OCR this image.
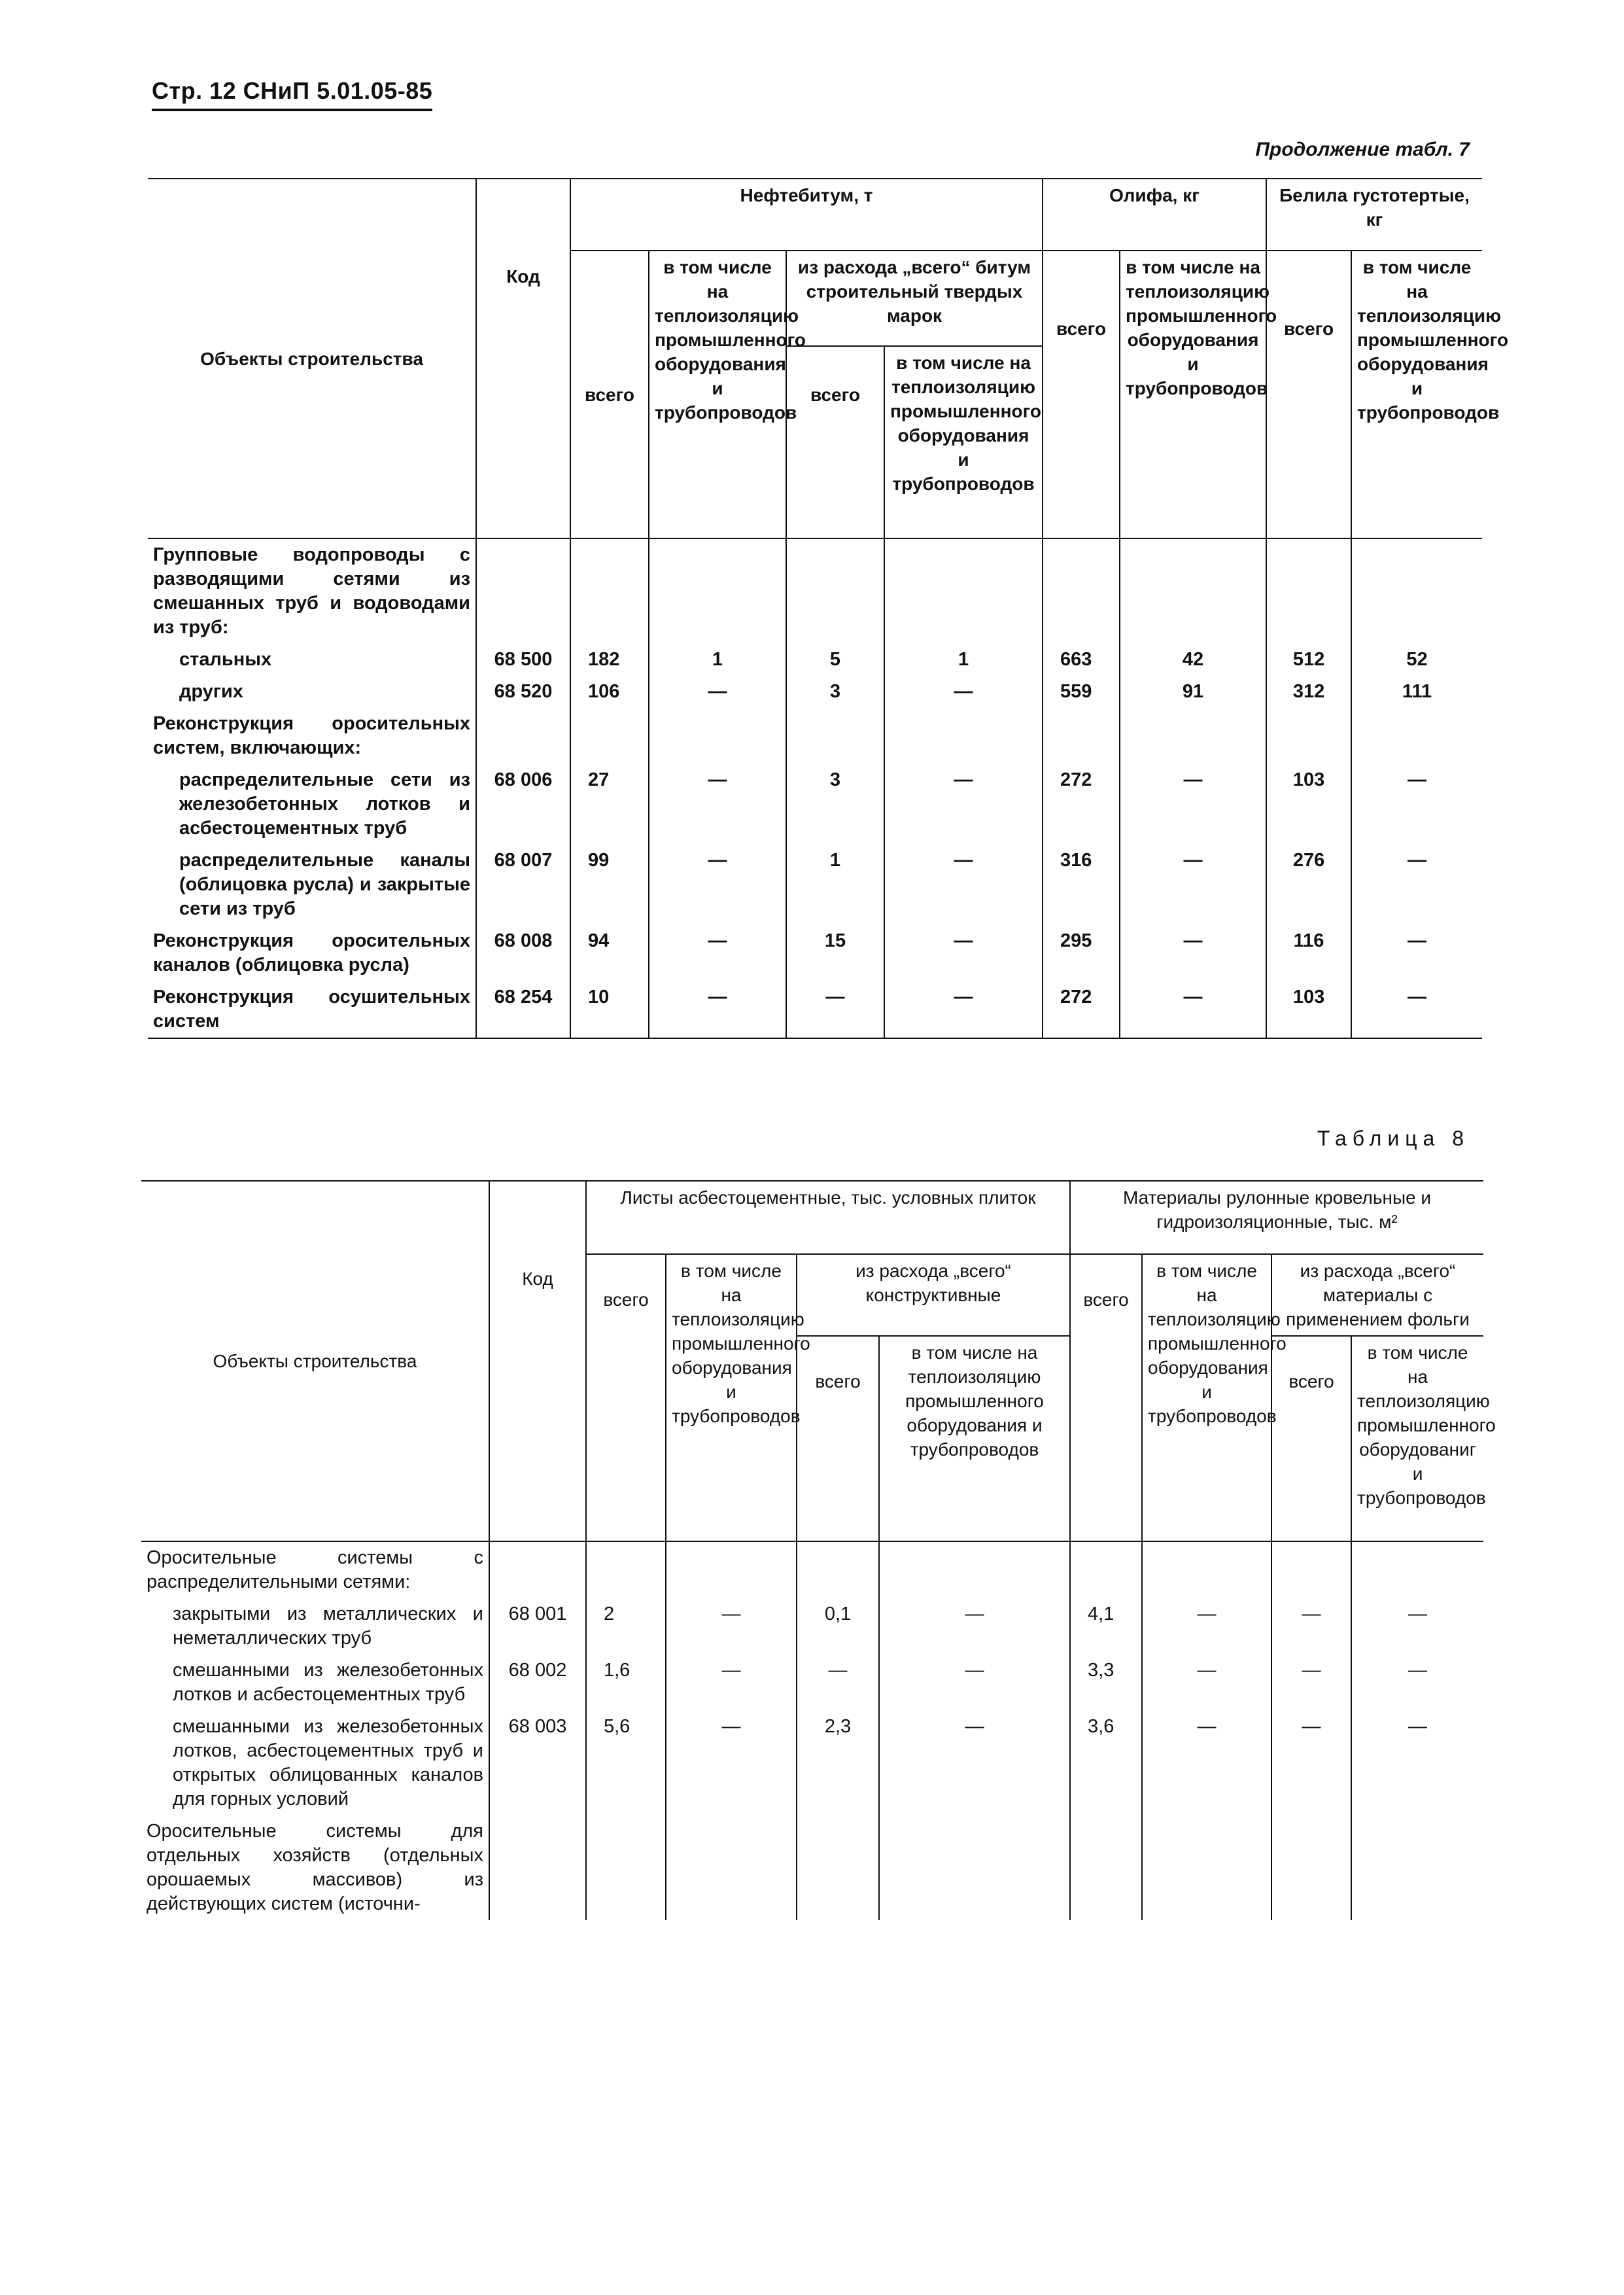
Стр. 12 СНиП 5.01.05-85
Продолжение табл. 7
Объекты строительства	Код	Нефтебитум, т				Олифа, кг		Белила густотертые, кг	
		всего	в том числе на теплоизоляцию промышленного оборудования и трубопроводов	из расхода „всего“ битум строительный твердых марок		всего	в том числе на теплоизоляцию промышленного оборудования и трубопроводов	всего	в том числе на теплоизоляцию промышленного оборудования и трубопроводов
				всего	в том числе на теплоизоляцию промышленного оборудования и трубопроводов				
Групповые водопроводы с разводящими сетями из смешанных труб и водоводами из труб:									
стальных	68 500	182	1	5	1	663	42	512	52
других	68 520	106	—	3	—	559	91	312	111
Реконструкция оросительных систем, включающих:									
распределительные сети из железобетонных лотков и асбестоцементных труб	68 006	27	—	3	—	272	—	103	—
распределительные каналы (облицовка русла) и закрытые сети из труб	68 007	99	—	1	—	316	—	276	—
Реконструкция оросительных каналов (облицовка русла)	68 008	94	—	15	—	295	—	116	—
Реконструкция осушительных систем	68 254	10	—	—	—	272	—	103	—
Таблица 8
Объекты строительства	Код	Листы асбестоцементные, тыс. условных плиток				Материалы рулонные кровельные и гидроизоляционные, тыс. м²			
		всего	в том числе на теплоизоляцию промышленного оборудования и трубопроводов	из расхода „всего“ конструктивные		всего	в том числе на теплоизоляцию промышленного оборудования и трубопроводов	из расхода „всего“ материалы с применением фольги	
				всего	в том числе на теплоизоляцию промышленного оборудования и трубопроводов			всего	в том числе на теплоизоляцию промышленного оборудованиг и трубопроводов
Оросительные системы с распределительными сетями:									
закрытыми из металлических и неметаллических труб	68 001	2	—	0,1	—	4,1	—	—	—
смешанными из железобетонных лотков и асбестоцементных труб	68 002	1,6	—	—	—	3,3	—	—	—
смешанными из железобетонных лотков, асбестоцементных труб и открытых облицованных каналов для горных условий	68 003	5,6	—	2,3	—	3,6	—	—	—
Оросительные системы для отдельных хозяйств (отдельных орошаемых массивов) из действующих систем (источни-									
